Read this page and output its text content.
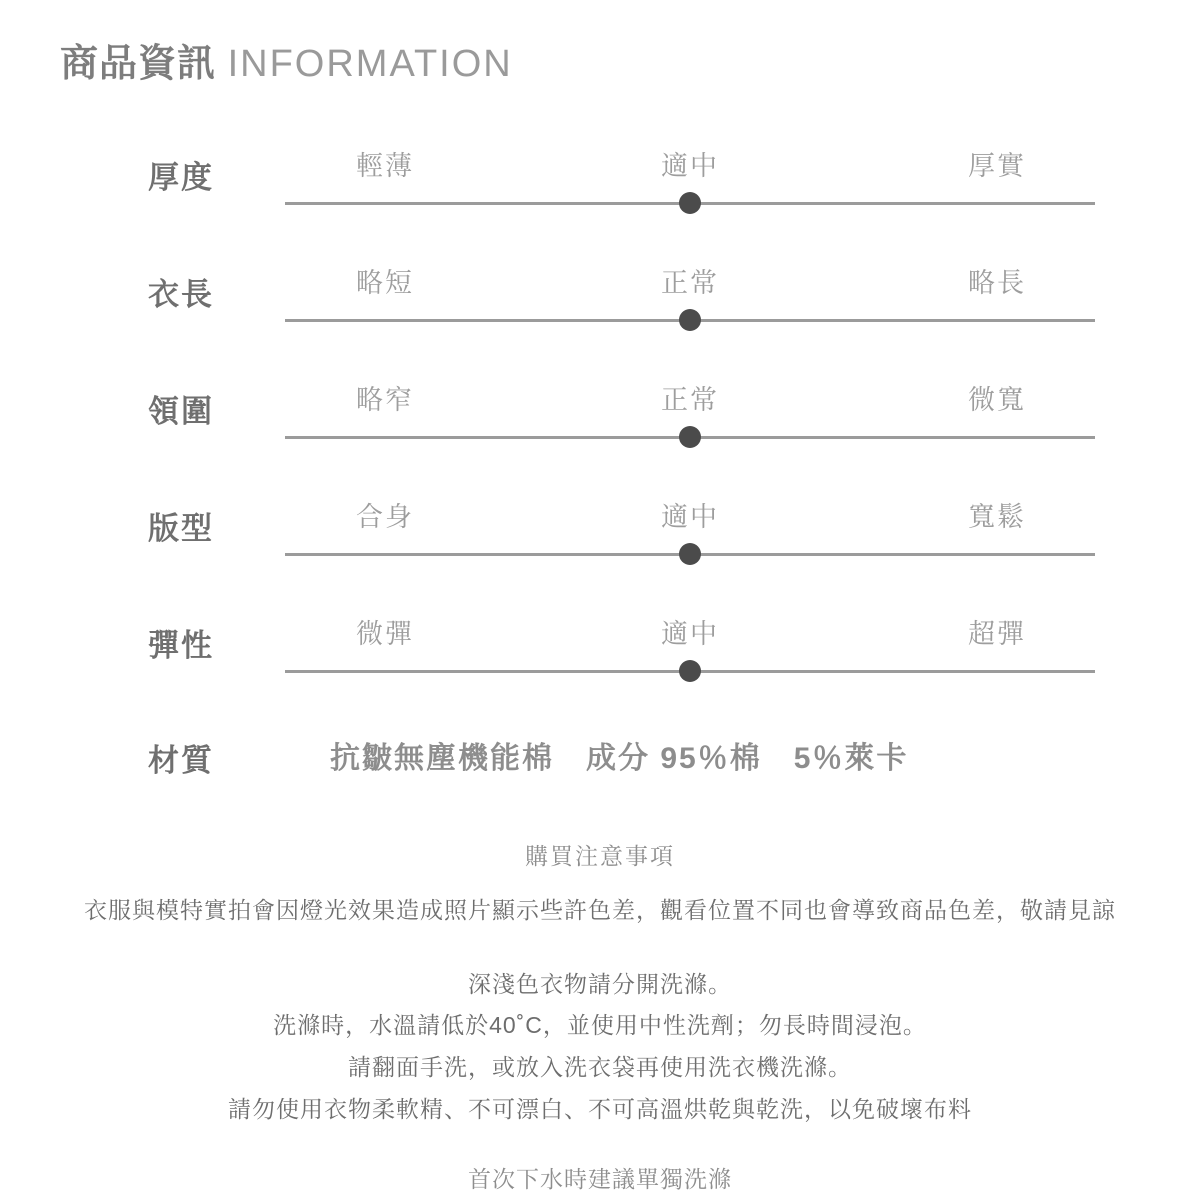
商品資訊 INFORMATION
厚度	輕薄	適中	厚實
衣長	略短	正常	略長
領圍	略窄	正常	微寬
版型	合身	適中	寬鬆
彈性	微彈	適中	超彈
材質	抗皺無塵機能棉　成分 95％棉　5％萊卡
購買注意事項
衣服與模特實拍會因燈光效果造成照片顯示些許色差，觀看位置不同也會導致商品色差，敬請見諒
深淺色衣物請分開洗滌。
洗滌時，水溫請低於40˚C，並使用中性洗劑；勿長時間浸泡。
請翻面手洗，或放入洗衣袋再使用洗衣機洗滌。
請勿使用衣物柔軟精、不可漂白、不可高溫烘乾與乾洗，以免破壞布料
首次下水時建議單獨洗滌
